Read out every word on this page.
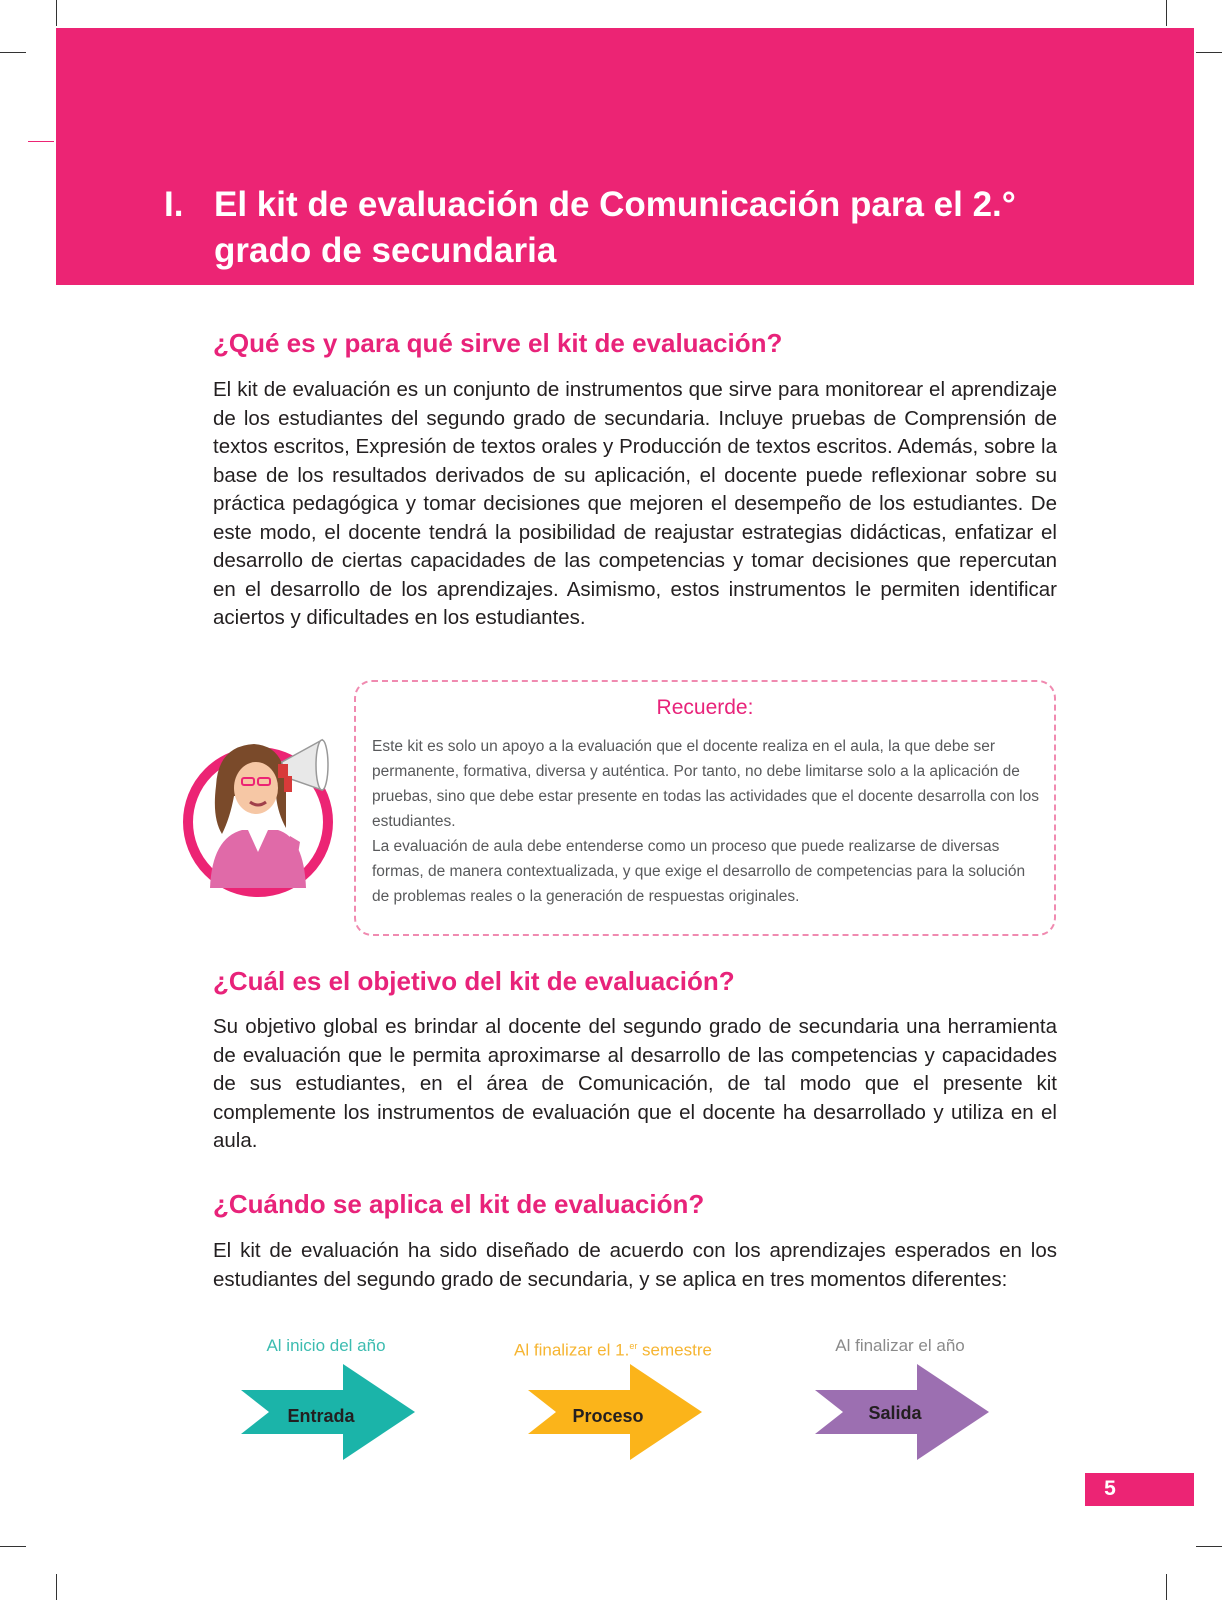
I. El kit de evaluación de Comunicación para el 2.° grado de secundaria
¿Qué es y para qué sirve el kit de evaluación?

El kit de evaluación es un conjunto de instrumentos que sirve para monitorear el aprendizaje de los estudiantes del segundo grado de secundaria. Incluye pruebas de Comprensión de textos escritos, Expresión de textos orales y Producción de textos escritos. Además, sobre la base de los resultados derivados de su aplicación, el docente puede reflexionar sobre su práctica pedagógica y tomar decisiones que mejoren el desempeño de los estudiantes. De este modo, el docente tendrá la posibilidad de reajustar estrategias didácticas, enfatizar el desarrollo de ciertas capacidades de las competencias y tomar decisiones que repercutan en el desarrollo de los aprendizajes. Asimismo, estos instrumentos le permiten identificar aciertos y dificultades en los estudiantes.

Recuerde:

Este kit es solo un apoyo a la evaluación que el docente realiza en el aula, la que debe ser permanente, formativa, diversa y auténtica. Por tanto, no debe limitarse solo a la aplicación de pruebas, sino que debe estar presente en todas las actividades que el docente desarrolla con los estudiantes.

La evaluación de aula debe entenderse como un proceso que puede realizarse de diversas formas, de manera contextualizada, y que exige el desarrollo de competencias para la solución de problemas reales o la generación de respuestas originales.

¿Cuál es el objetivo del kit de evaluación?

Su objetivo global es brindar al docente del segundo grado de secundaria una herramienta de evaluación que le permita aproximarse al desarrollo de las competencias y capacidades de sus estudiantes, en el área de Comunicación, de tal modo que el presente kit complemente los instrumentos de evaluación que el docente ha desarrollado y utiliza en el aula.

¿Cuándo se aplica el kit de evaluación?

El kit de evaluación ha sido diseñado de acuerdo con los aprendizajes esperados en los estudiantes del segundo grado de secundaria, y se aplica en tres momentos diferentes:

Al inicio del año
Entrada
Al finalizar el 1.$^{er}$ semestre
Proceso
Al finalizar el año
Salida
5
